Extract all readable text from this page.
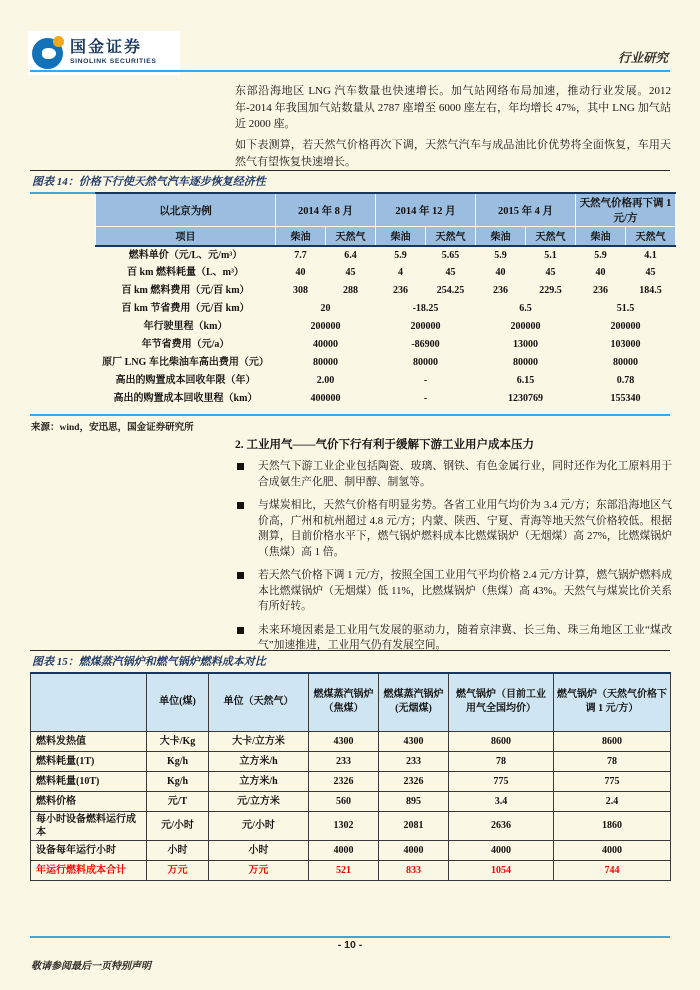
国金证券
SINOLINK SECURITIES	行业研究
东部沿海地区 LNG 汽车数量也快速增长。加气站网络布局加速，推动行业发展。2012 年-2014 年我国加气站数量从 2787 座增至 6000 座左右，年均增长 47%，其中 LNG 加气站近 2000 座。
如下表测算，若天然气价格再次下调，天然气汽车与成品油比价优势将全面恢复，车用天然气有望恢复快速增长。
图表 14：价格下行使天然气汽车逐步恢复经济性
以北京为例	2014 年 8 月		2014 年 12 月		2015 年 4 月		天然气价格再下调 1 元/方	
项目	柴油	天然气	柴油	天然气	柴油	天然气	柴油	天然气
燃料单价（元/L、元/m³）	7.7	6.4	5.9	5.65	5.9	5.1	5.9	4.1
百 km 燃料耗量（L、m³）	40	45	4	45	40	45	40	45
百 km 燃料费用（元/百 km）	308	288	236	254.25	236	229.5	236	184.5
百 km 节省费用（元/百 km）	20		-18.25		6.5		51.5	
年行驶里程（km）	200000		200000		200000		200000	
年节省费用（元/a）	40000		-86900		13000		103000	
原厂 LNG 车比柴油车高出费用（元）	80000		80000		80000		80000	
高出的购置成本回收年限（年）	2.00		-		6.15		0.78	
高出的购置成本回收里程（km）	400000		-		1230769		155340	
来源：wind，安迅思，国金证券研究所
2. 工业用气——气价下行有利于缓解下游工业用户成本压力
天然气下游工业企业包括陶瓷、玻璃、钢铁、有色金属行业，同时还作为化工原料用于合成氨生产化肥、制甲醇、制氢等。
与煤炭相比，天然气价格有明显劣势。各省工业用气均价为 3.4 元/方；东部沿海地区气价高，广州和杭州超过 4.8 元/方；内蒙、陕西、宁夏、青海等地天然气价格较低。根据测算，目前价格水平下，燃气锅炉燃料成本比燃煤锅炉（无烟煤）高 27%，比燃煤锅炉（焦煤）高 1 倍。
若天然气价格下调 1 元/方，按照全国工业用气平均价格 2.4 元/方计算，燃气锅炉燃料成本比燃煤锅炉（无烟煤）低 11%，比燃煤锅炉（焦煤）高 43%。天然气与煤炭比价关系有所好转。
未来环境因素是工业用气发展的驱动力，随着京津冀、长三角、珠三角地区工业“煤改气”加速推进，工业用气仍有发展空间。
图表 15：燃煤蒸汽锅炉和燃气锅炉燃料成本对比
	单位(煤)	单位（天然气）	燃煤蒸汽锅炉（焦煤）	燃煤蒸汽锅炉(无烟煤)	燃气锅炉（目前工业用气全国均价）	燃气锅炉（天然气价格下调 1 元/方）
燃料发热值	大卡/Kg	大卡/立方米	4300	4300	8600	8600
燃料耗量(1T)	Kg/h	立方米/h	233	233	78	78
燃料耗量(10T)	Kg/h	立方米/h	2326	2326	775	775
燃料价格	元/T	元/立方米	560	895	3.4	2.4
每小时设备燃料运行成本	元/小时	元/小时	1302	2081	2636	1860
设备每年运行小时	小时	小时	4000	4000	4000	4000
年运行燃料成本合计	万元	万元	521	833	1054	744
- 10 -
敬请参阅最后一页特别声明
